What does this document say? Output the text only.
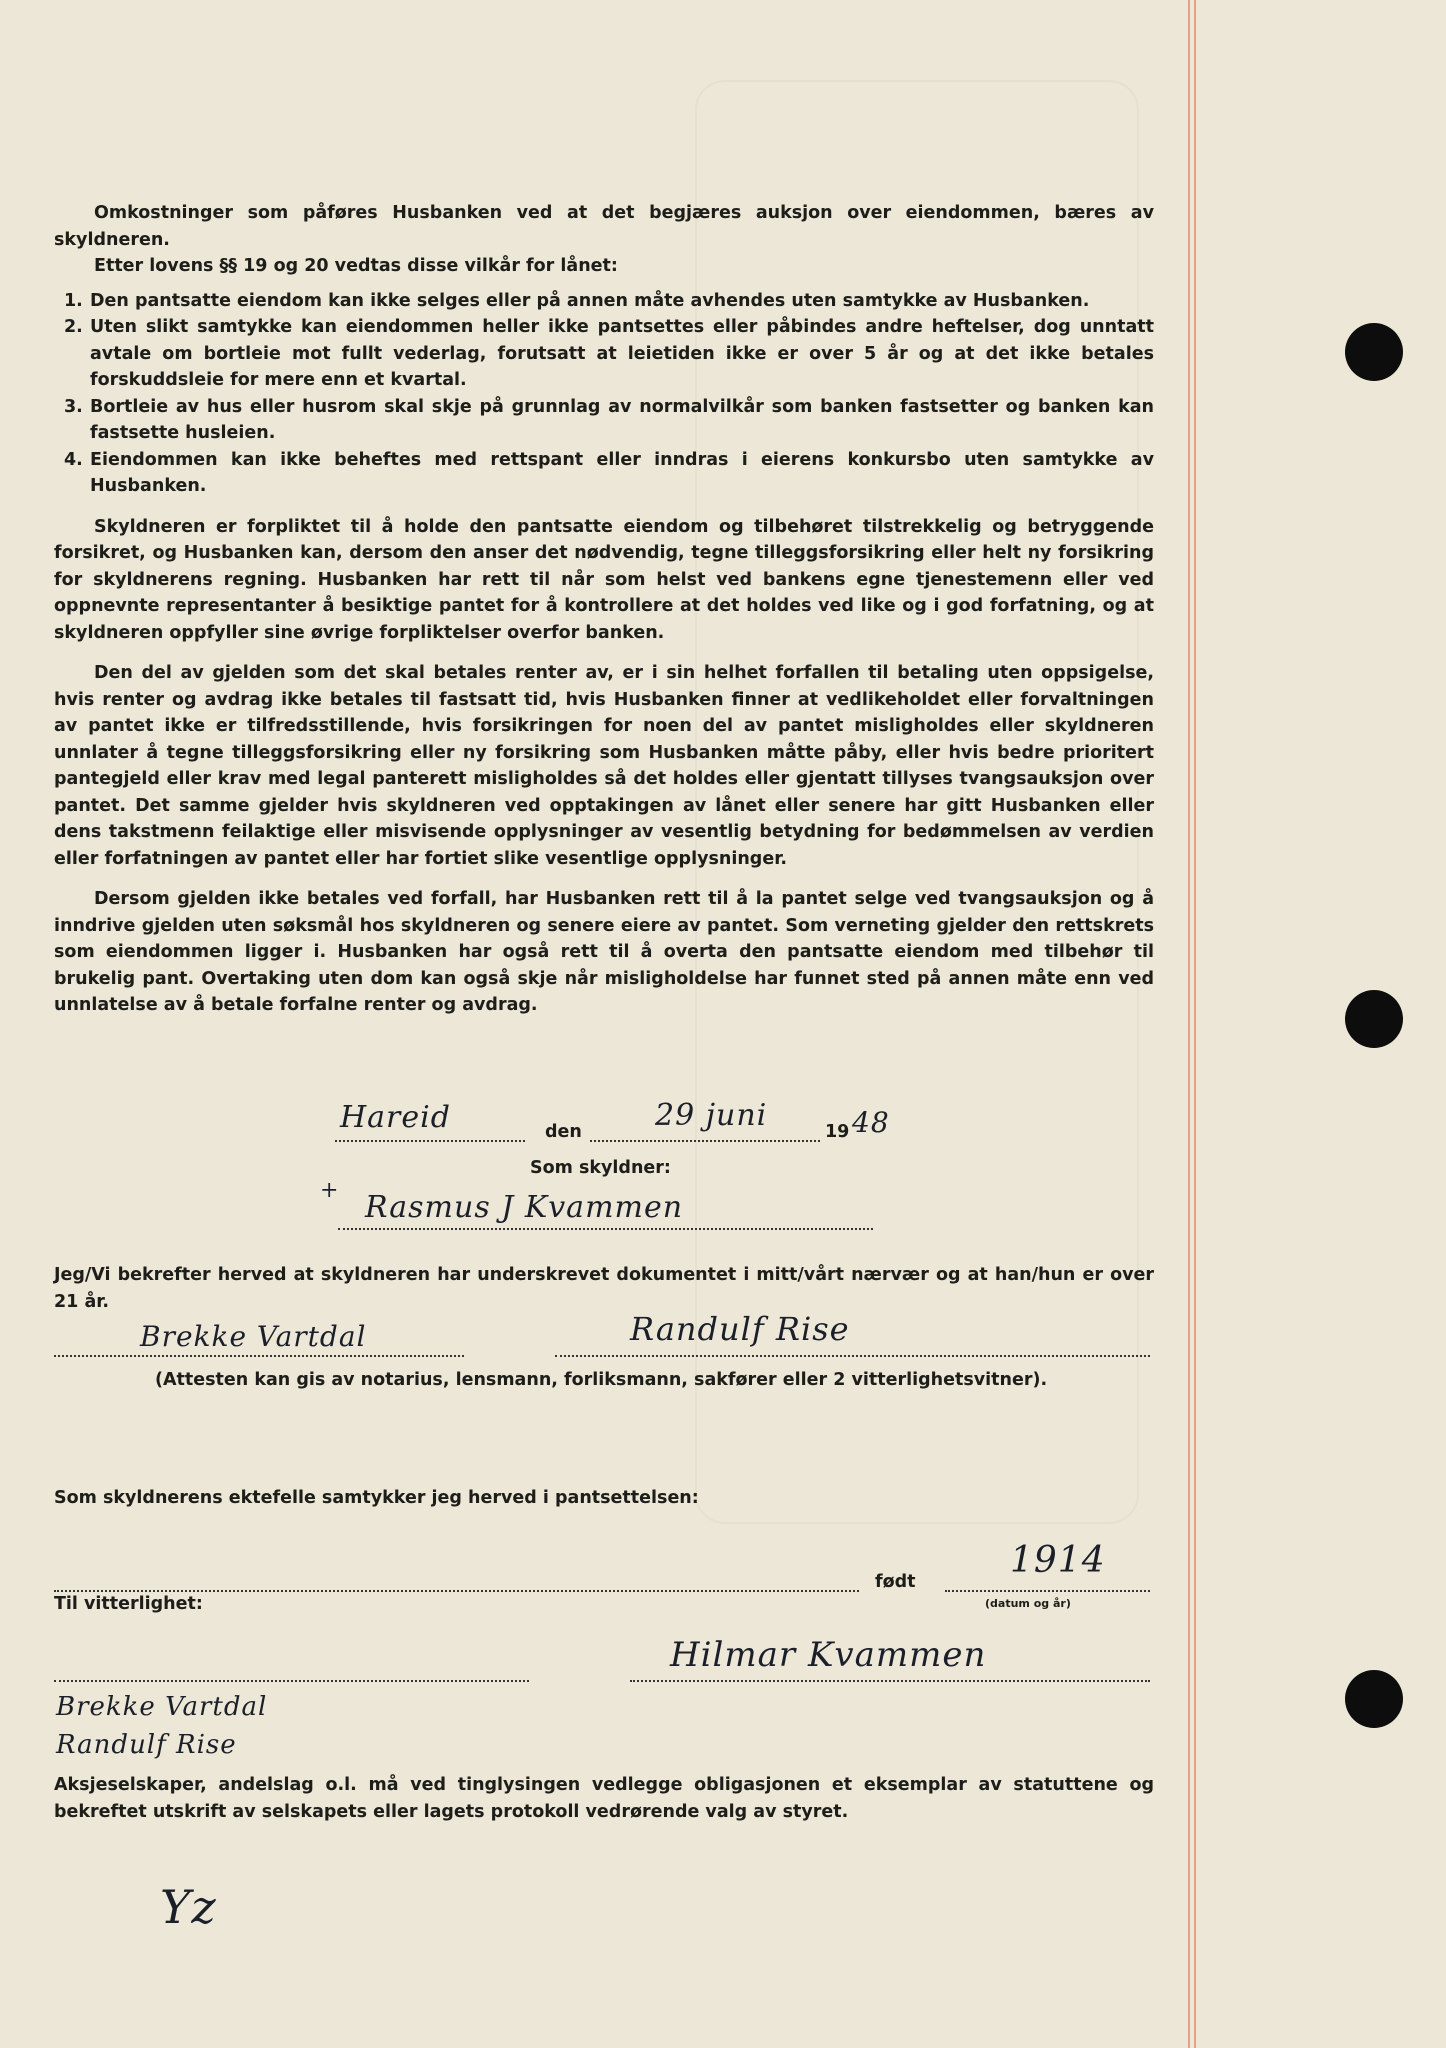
Omkostninger som påføres Husbanken ved at det begjæres auksjon over eiendommen, bæres av skyldneren.

Etter lovens §§ 19 og 20 vedtas disse vilkår for lånet:

1. Den pantsatte eiendom kan ikke selges eller på annen måte avhendes uten samtykke av Husbanken.
2. Uten slikt samtykke kan eiendommen heller ikke pantsettes eller påbindes andre heftelser, dog unntatt avtale om bortleie mot fullt vederlag, forutsatt at leietiden ikke er over 5 år og at det ikke betales forskuddsleie for mere enn et kvartal.
3. Bortleie av hus eller husrom skal skje på grunnlag av normalvilkår som banken fastsetter og banken kan fastsette husleien.
4. Eiendommen kan ikke beheftes med rettspant eller inndras i eierens konkursbo uten samtykke av Husbanken.

Skyldneren er forpliktet til å holde den pantsatte eiendom og tilbehøret tilstrekkelig og betryggende forsikret, og Husbanken kan, dersom den anser det nødvendig, tegne tilleggsforsikring eller helt ny forsikring for skyldnerens regning. Husbanken har rett til når som helst ved bankens egne tjenestemenn eller ved oppnevnte representanter å besiktige pantet for å kontrollere at det holdes ved like og i god forfatning, og at skyldneren oppfyller sine øvrige forpliktelser overfor banken.

Den del av gjelden som det skal betales renter av, er i sin helhet forfallen til betaling uten oppsigelse, hvis renter og avdrag ikke betales til fastsatt tid, hvis Husbanken finner at vedlikeholdet eller forvaltningen av pantet ikke er tilfredsstillende, hvis forsikringen for noen del av pantet misligholdes eller skyldneren unnlater å tegne tilleggsforsikring eller ny forsikring som Husbanken måtte påby, eller hvis bedre prioritert pantegjeld eller krav med legal panterett misligholdes så det holdes eller gjentatt tillyses tvangsauksjon over pantet. Det samme gjelder hvis skyldneren ved opptakingen av lånet eller senere har gitt Husbanken eller dens takstmenn feilaktige eller misvisende opplysninger av vesentlig betydning for bedømmelsen av verdien eller forfatningen av pantet eller har fortiet slike vesentlige opplysninger.

Dersom gjelden ikke betales ved forfall, har Husbanken rett til å la pantet selge ved tvangsauksjon og å inndrive gjelden uten søksmål hos skyldneren og senere eiere av pantet. Som verneting gjelder den rettskrets som eiendommen ligger i. Husbanken har også rett til å overta den pantsatte eiendom med tilbehør til brukelig pant. Overtaking uten dom kan også skje når misligholdelse har funnet sted på annen måte enn ved unnlatelse av å betale forfalne renter og avdrag.

Hareid	den 29 juni	19 48
Som skyldner:
+ Rasmus J Kvammen
Jeg/Vi bekrefter herved at skyldneren har underskrevet dokumentet i mitt/vårt nærvær og at han/hun er over 21 år.
Brekke Vartdal	Randulf Rise
(Attesten kan gis av notarius, lensmann, forliksmann, sakfører eller 2 vitterlighetsvitner).
Som skyldnerens ektefelle samtykker jeg herved i pantsettelsen:
født
1914
(datum og år)
Til vitterlighet:
Hilmar Kvammen
Brekke Vartdal
Randulf Rise
Aksjeselskaper, andelslag o.l. må ved tinglysingen vedlegge obligasjonen et eksemplar av statuttene og bekreftet utskrift av selskapets eller lagets protokoll vedrørende valg av styret.
Yz
